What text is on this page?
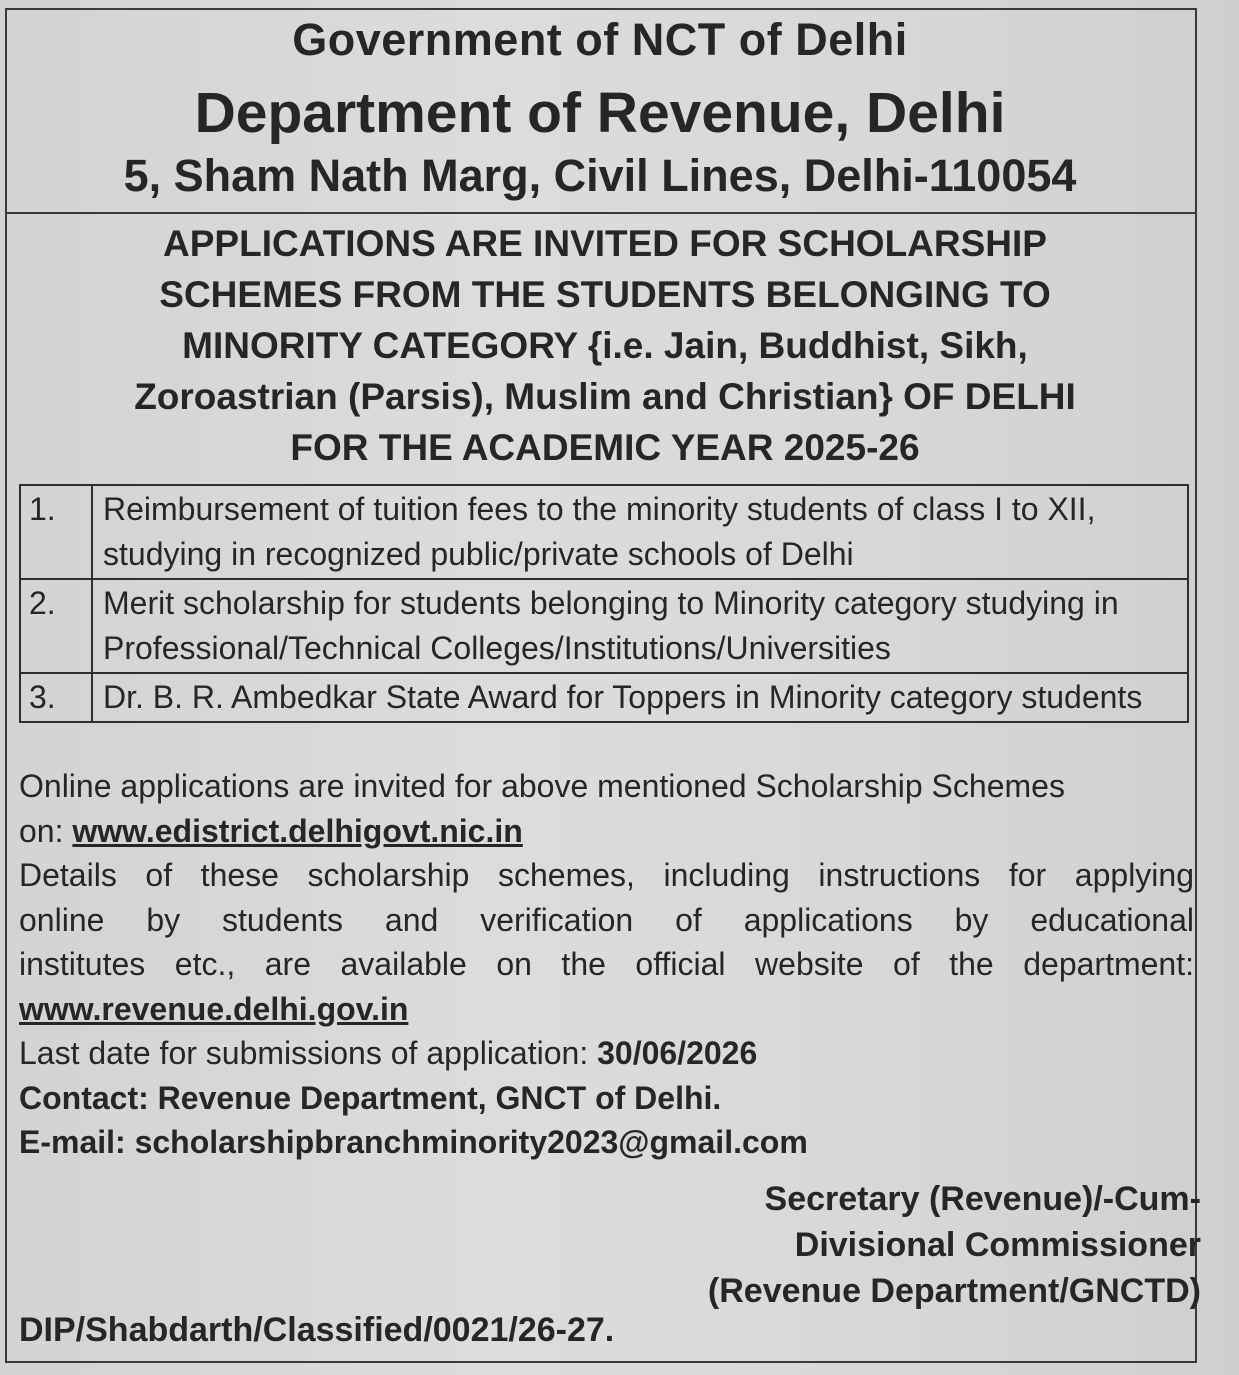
Government of NCT of Delhi
Department of Revenue, Delhi
5, Sham Nath Marg, Civil Lines, Delhi-110054
APPLICATIONS ARE INVITED FOR SCHOLARSHIP
SCHEMES FROM THE STUDENTS BELONGING TO
MINORITY CATEGORY {i.e. Jain, Buddhist, Sikh,
Zoroastrian (Parsis), Muslim and Christian} OF DELHI
FOR THE ACADEMIC YEAR 2025-26
1.	Reimbursement of tuition fees to the minority students of class I to XII, studying in recognized public/private schools of Delhi
2.	Merit scholarship for students belonging to Minority category studying in Professional/Technical Colleges/Institutions/Universities
3.	Dr. B. R. Ambedkar State Award for Toppers in Minority category students
Online applications are invited for above mentioned Scholarship Schemes
on: www.edistrict.delhigovt.nic.in
Details of these scholarship schemes, including instructions for applying
online by students and verification of applications by educational
institutes etc., are available on the official website of the department:
www.revenue.delhi.gov.in
Last date for submissions of application: 30/06/2026
Contact: Revenue Department, GNCT of Delhi.
E-mail: scholarshipbranchminority2023@gmail.com
Secretary (Revenue)/-Cum-
Divisional Commissioner
(Revenue Department/GNCTD)
DIP/Shabdarth/Classified/0021/26-27.
